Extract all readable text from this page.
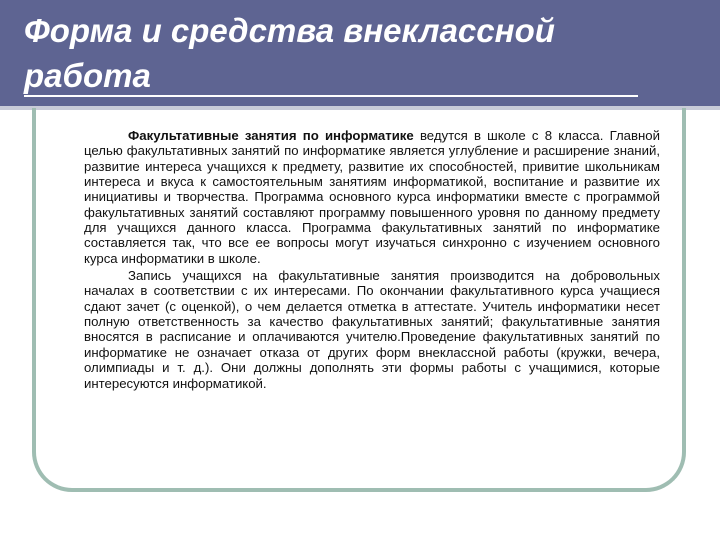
Форма и средства внеклассной
работа

Факультативные занятия по информатике ведутся в школе с 8 класса. Главной целью факультативных занятий по информатике является углубление и расширение знаний, развитие интереса учащихся к предмету, развитие их способностей, привитие школьникам интереса и вкуса к самостоятельным занятиям информатикой, воспитание и развитие их инициативы и творчества. Программа основного курса информатики вместе с программой факультативных занятий составляют программу повышенного уровня по данному предмету для учащихся данного класса. Программа факультативных занятий по информатике составляется так, что все ее вопросы могут изучаться синхронно с изучением основного курса информатики в школе.

Запись учащихся на факультативные занятия производится на добровольных началах в соответствии с их интересами. По окончании факультативного курса учащиеся сдают зачет (с оценкой), о чем делается отметка в аттестате. Учитель информатики несет полную ответственность за качество факультативных занятий; факультативные занятия вносятся в расписание и оплачиваются учителю.Проведение факультативных занятий по информатике не означает отказа от других форм внеклассной работы (кружки, вечера, олимпиады и т. д.). Они должны дополнять эти формы работы с учащимися, которые интересуются информатикой.
